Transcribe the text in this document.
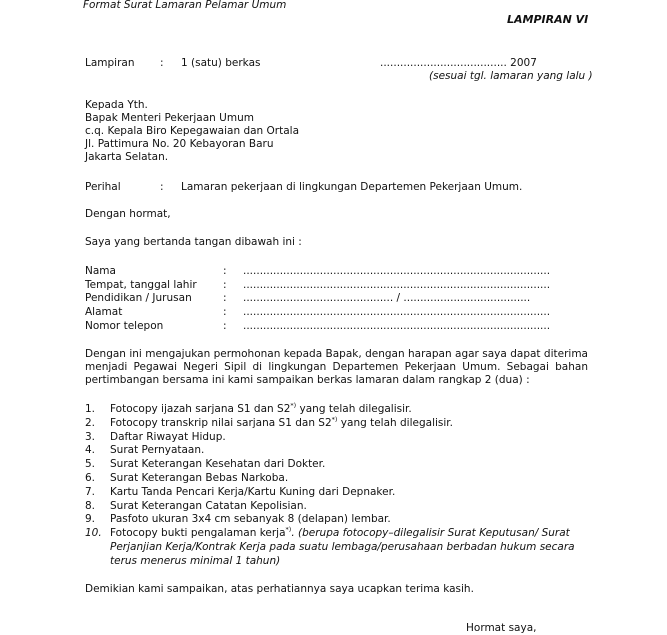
Format Surat Lamaran Pelamar Umum
LAMPIRAN VI
Lampiran : 1 (satu) berkas	...................................... 2007
(sesuai tgl. lamaran yang lalu )
Kepada Yth.
Bapak Menteri Pekerjaan Umum
c.q. Kepala Biro Kepegawaian dan Ortala
Jl. Pattimura No. 20 Kebayoran Baru
Jakarta Selatan.
Perihal	: Lamaran pekerjaan di lingkungan Departemen Pekerjaan Umum.
Dengan hormat,
Saya yang bertanda tangan dibawah ini :
Nama	: ............................................................................................
Tempat, tanggal lahir	: ............................................................................................
Pendidikan / Jurusan	: ............................................. / ......................................
Alamat	: ............................................................................................
Nomor telepon	: ............................................................................................
Dengan ini mengajukan permohonan kepada Bapak, dengan harapan agar saya dapat diterima menjadi Pegawai Negeri Sipil di lingkungan Departemen Pekerjaan Umum. Sebagai bahan pertimbangan bersama ini kami sampaikan berkas lamaran dalam rangkap 2 (dua) :
1. Fotocopy ijazah sarjana S1 dan S2*) yang telah dilegalisir.
2. Fotocopy transkrip nilai sarjana S1 dan S2*) yang telah dilegalisir.
3. Daftar Riwayat Hidup.
4. Surat Pernyataan.
5. Surat Keterangan Kesehatan dari Dokter.
6. Surat Keterangan Bebas Narkoba.
7. Kartu Tanda Pencari Kerja/Kartu Kuning dari Depnaker.
8. Surat Keterangan Catatan Kepolisian.
9. Pasfoto ukuran 3x4 cm sebanyak 8 (delapan) lembar.
10. Fotocopy bukti pengalaman kerja*). (berupa fotocopy–dilegalisir Surat Keputusan/ Surat
Perjanjian Kerja/Kontrak Kerja pada suatu lembaga/perusahaan berbadan hukum secara
terus menerus minimal 1 tahun)
Demikian kami sampaikan, atas perhatiannya saya ucapkan terima kasih.
Hormat saya,
